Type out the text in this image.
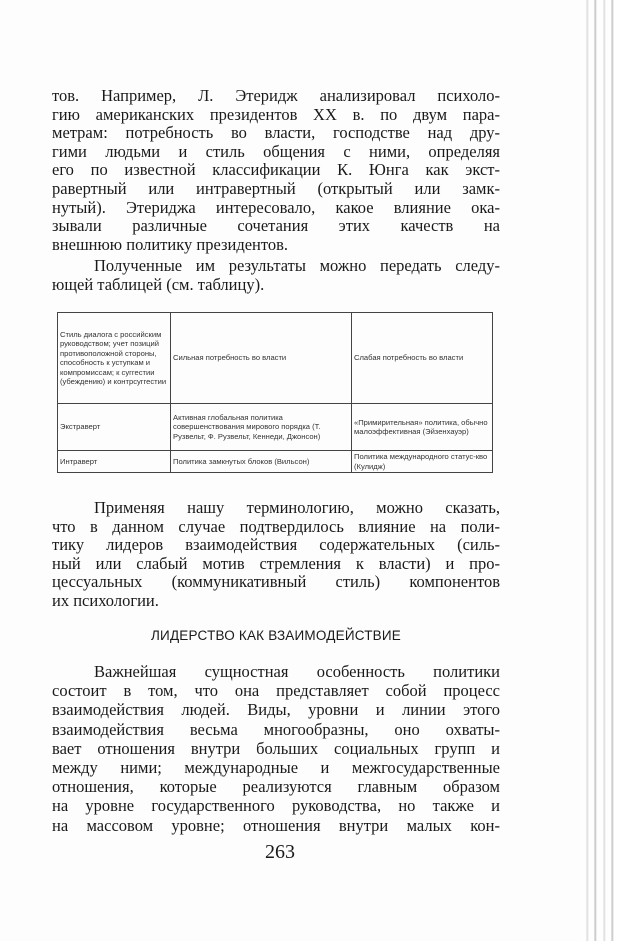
тов. Например, Л. Этеридж анализировал психоло-
гию американских президентов XX в. по двум пара-
метрам: потребность во власти, господстве над дру-
гими людьми и стиль общения с ними, определяя
его по известной классификации К. Юнга как экст-
равертный или интравертный (открытый или замк-
нутый). Этериджа интересовало, какое влияние ока-
зывали различные сочетания этих качеств на
внешнюю политику президентов.
Полученные им результаты можно передать следу-
ющей таблицей (см. таблицу).
Стиль диалога с российским руководством; учет позиций противоположной стороны, способность к уступкам и компромиссам; к суггестии (убеждению) и контрсуггестии	Сильная потребность во власти	Слабая потребность во власти
Экстраверт	Активная глобальная политика совершенствования мирового порядка (Т. Рузвельт, Ф. Рузвельт, Кеннеди, Джонсон)	«Примирительная» политика, обычно малоэффективная (Эйзенхауэр)
Интраверт	Политика замкнутых блоков (Вильсон)	Политика международного статус-кво (Кулидж)
Применяя нашу терминологию, можно сказать,
что в данном случае подтвердилось влияние на поли-
тику лидеров взаимодействия содержательных (силь-
ный или слабый мотив стремления к власти) и про-
цессуальных (коммуникативный стиль) компонентов
их психологии.
ЛИДЕРСТВО КАК ВЗАИМОДЕЙСТВИЕ
Важнейшая сущностная особенность политики
состоит в том, что она представляет собой процесс
взаимодействия людей. Виды, уровни и линии этого
взаимодействия весьма многообразны, оно охваты-
вает отношения внутри больших социальных групп и
между ними; международные и межгосударственные
отношения, которые реализуются главным образом
на уровне государственного руководства, но также и
на массовом уровне; отношения внутри малых кон-
263
